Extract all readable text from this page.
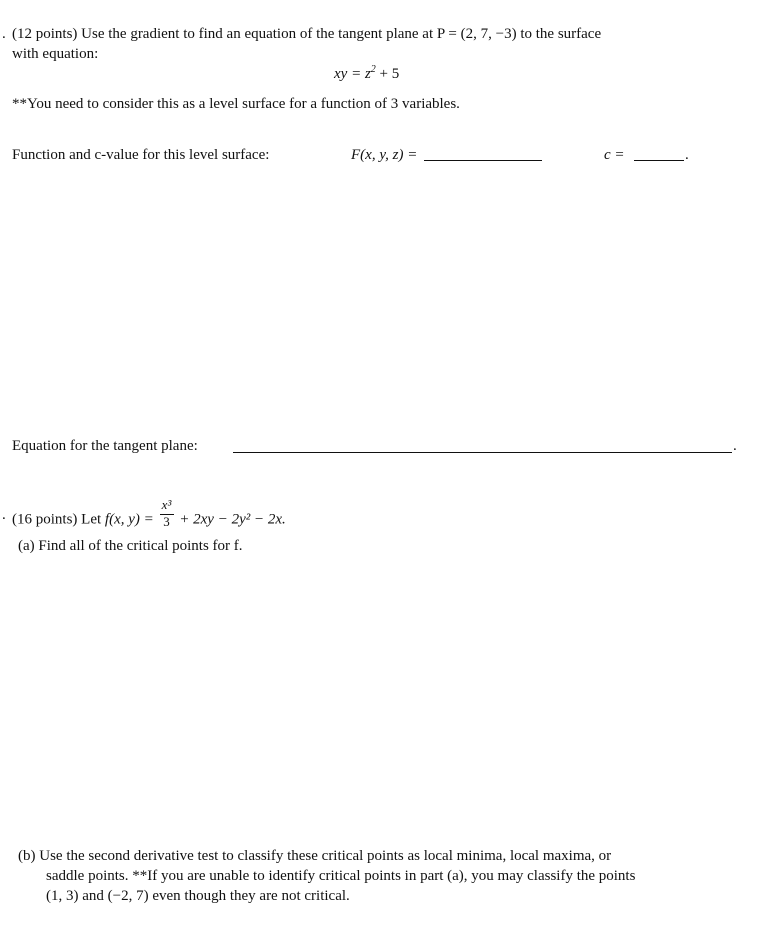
. (12 points) Use the gradient to find an equation of the tangent plane at P = (2, 7, −3) to the surface
with equation:
xy = $z^2 + 5$
**You need to consider this as a level surface for a function of 3 variables.
Function and c-value for this level surface:	F(x, y, z) =	c =	.
Equation for the tangent plane:	.
. (16 points) Let f(x, $y) = \frac{\text{x³}}{3} + 2xy - 2y^2 - 2x$.
(a) Find all of the critical points for f.
(b) Use the second derivative test to classify these critical points as local minima, local maxima, or
saddle points. **If you are unable to identify critical points in part (a), you may classify the points
(1, 3) and (−2, 7) even though they are not critical.
